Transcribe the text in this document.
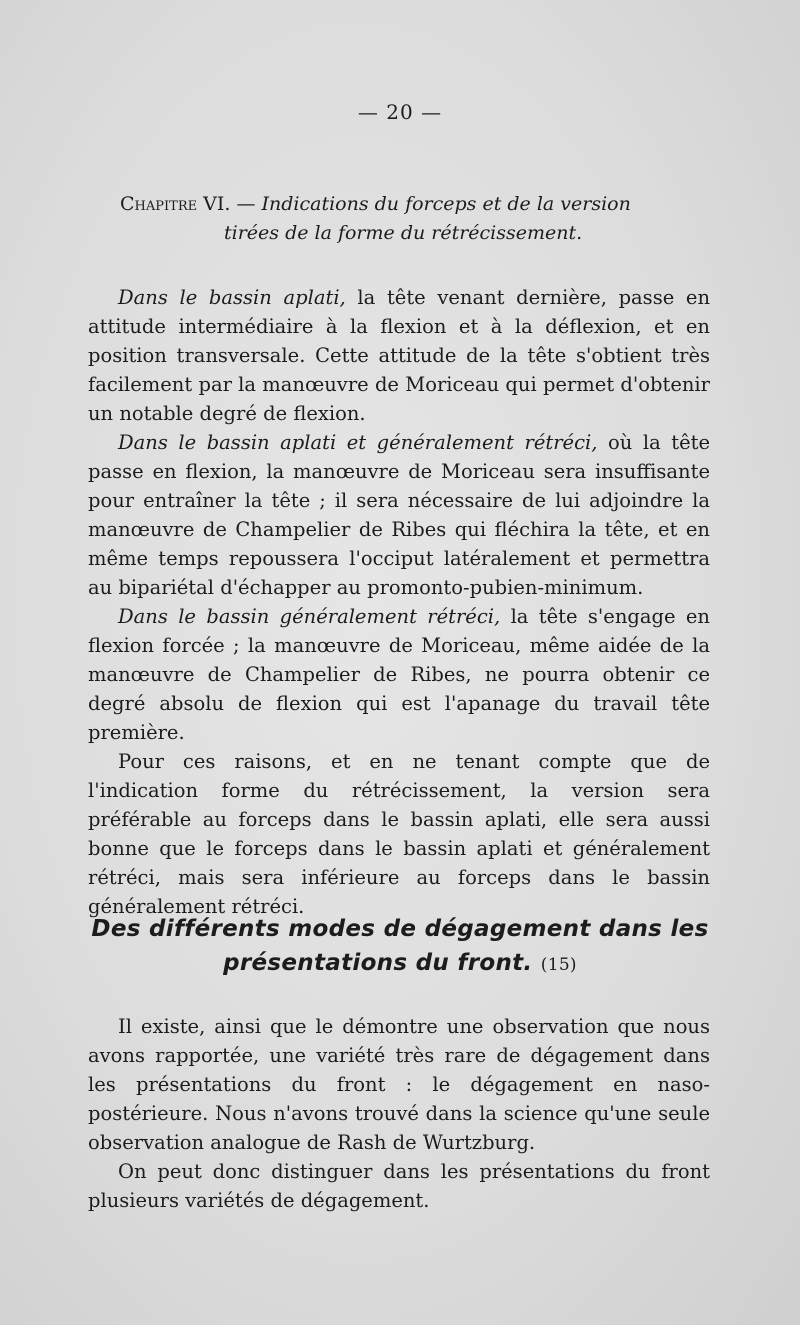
— 20 —
Chapitre VI. — Indications du forceps et de la version
tirées de la forme du rétrécissement.

Dans le bassin aplati, la tête venant dernière, passe en attitude intermédiaire à la flexion et à la déflexion, et en position transversale. Cette attitude de la tête s'obtient très facilement par la manœuvre de Moriceau qui permet d'obtenir un notable degré de flexion.

Dans le bassin aplati et généralement rétréci, où la tête passe en flexion, la manœuvre de Moriceau sera insuffisante pour entraîner la tête ; il sera nécessaire de lui adjoindre la manœuvre de Champelier de Ribes qui fléchira la tête, et en même temps repoussera l'occiput latéralement et permettra au bipariétal d'échapper au promonto-pubien-minimum.

Dans le bassin généralement rétréci, la tête s'engage en flexion forcée ; la manœuvre de Moriceau, même aidée de la manœuvre de Champelier de Ribes, ne pourra obtenir ce degré absolu de flexion qui est l'apanage du travail tête première.

Pour ces raisons, et en ne tenant compte que de l'indication forme du rétrécissement, la version sera préférable au forceps dans le bassin aplati, elle sera aussi bonne que le forceps dans le bassin aplati et généralement rétréci, mais sera inférieure au forceps dans le bassin généralement rétréci.

Des différents modes de dégagement dans les
présentations du front. (15)

Il existe, ainsi que le démontre une observation que nous avons rapportée, une variété très rare de dégagement dans les présentations du front : le dégagement en naso-postérieure. Nous n'avons trouvé dans la science qu'une seule observation analogue de Rash de Wurtzburg.

On peut donc distinguer dans les présentations du front plusieurs variétés de dégagement.
